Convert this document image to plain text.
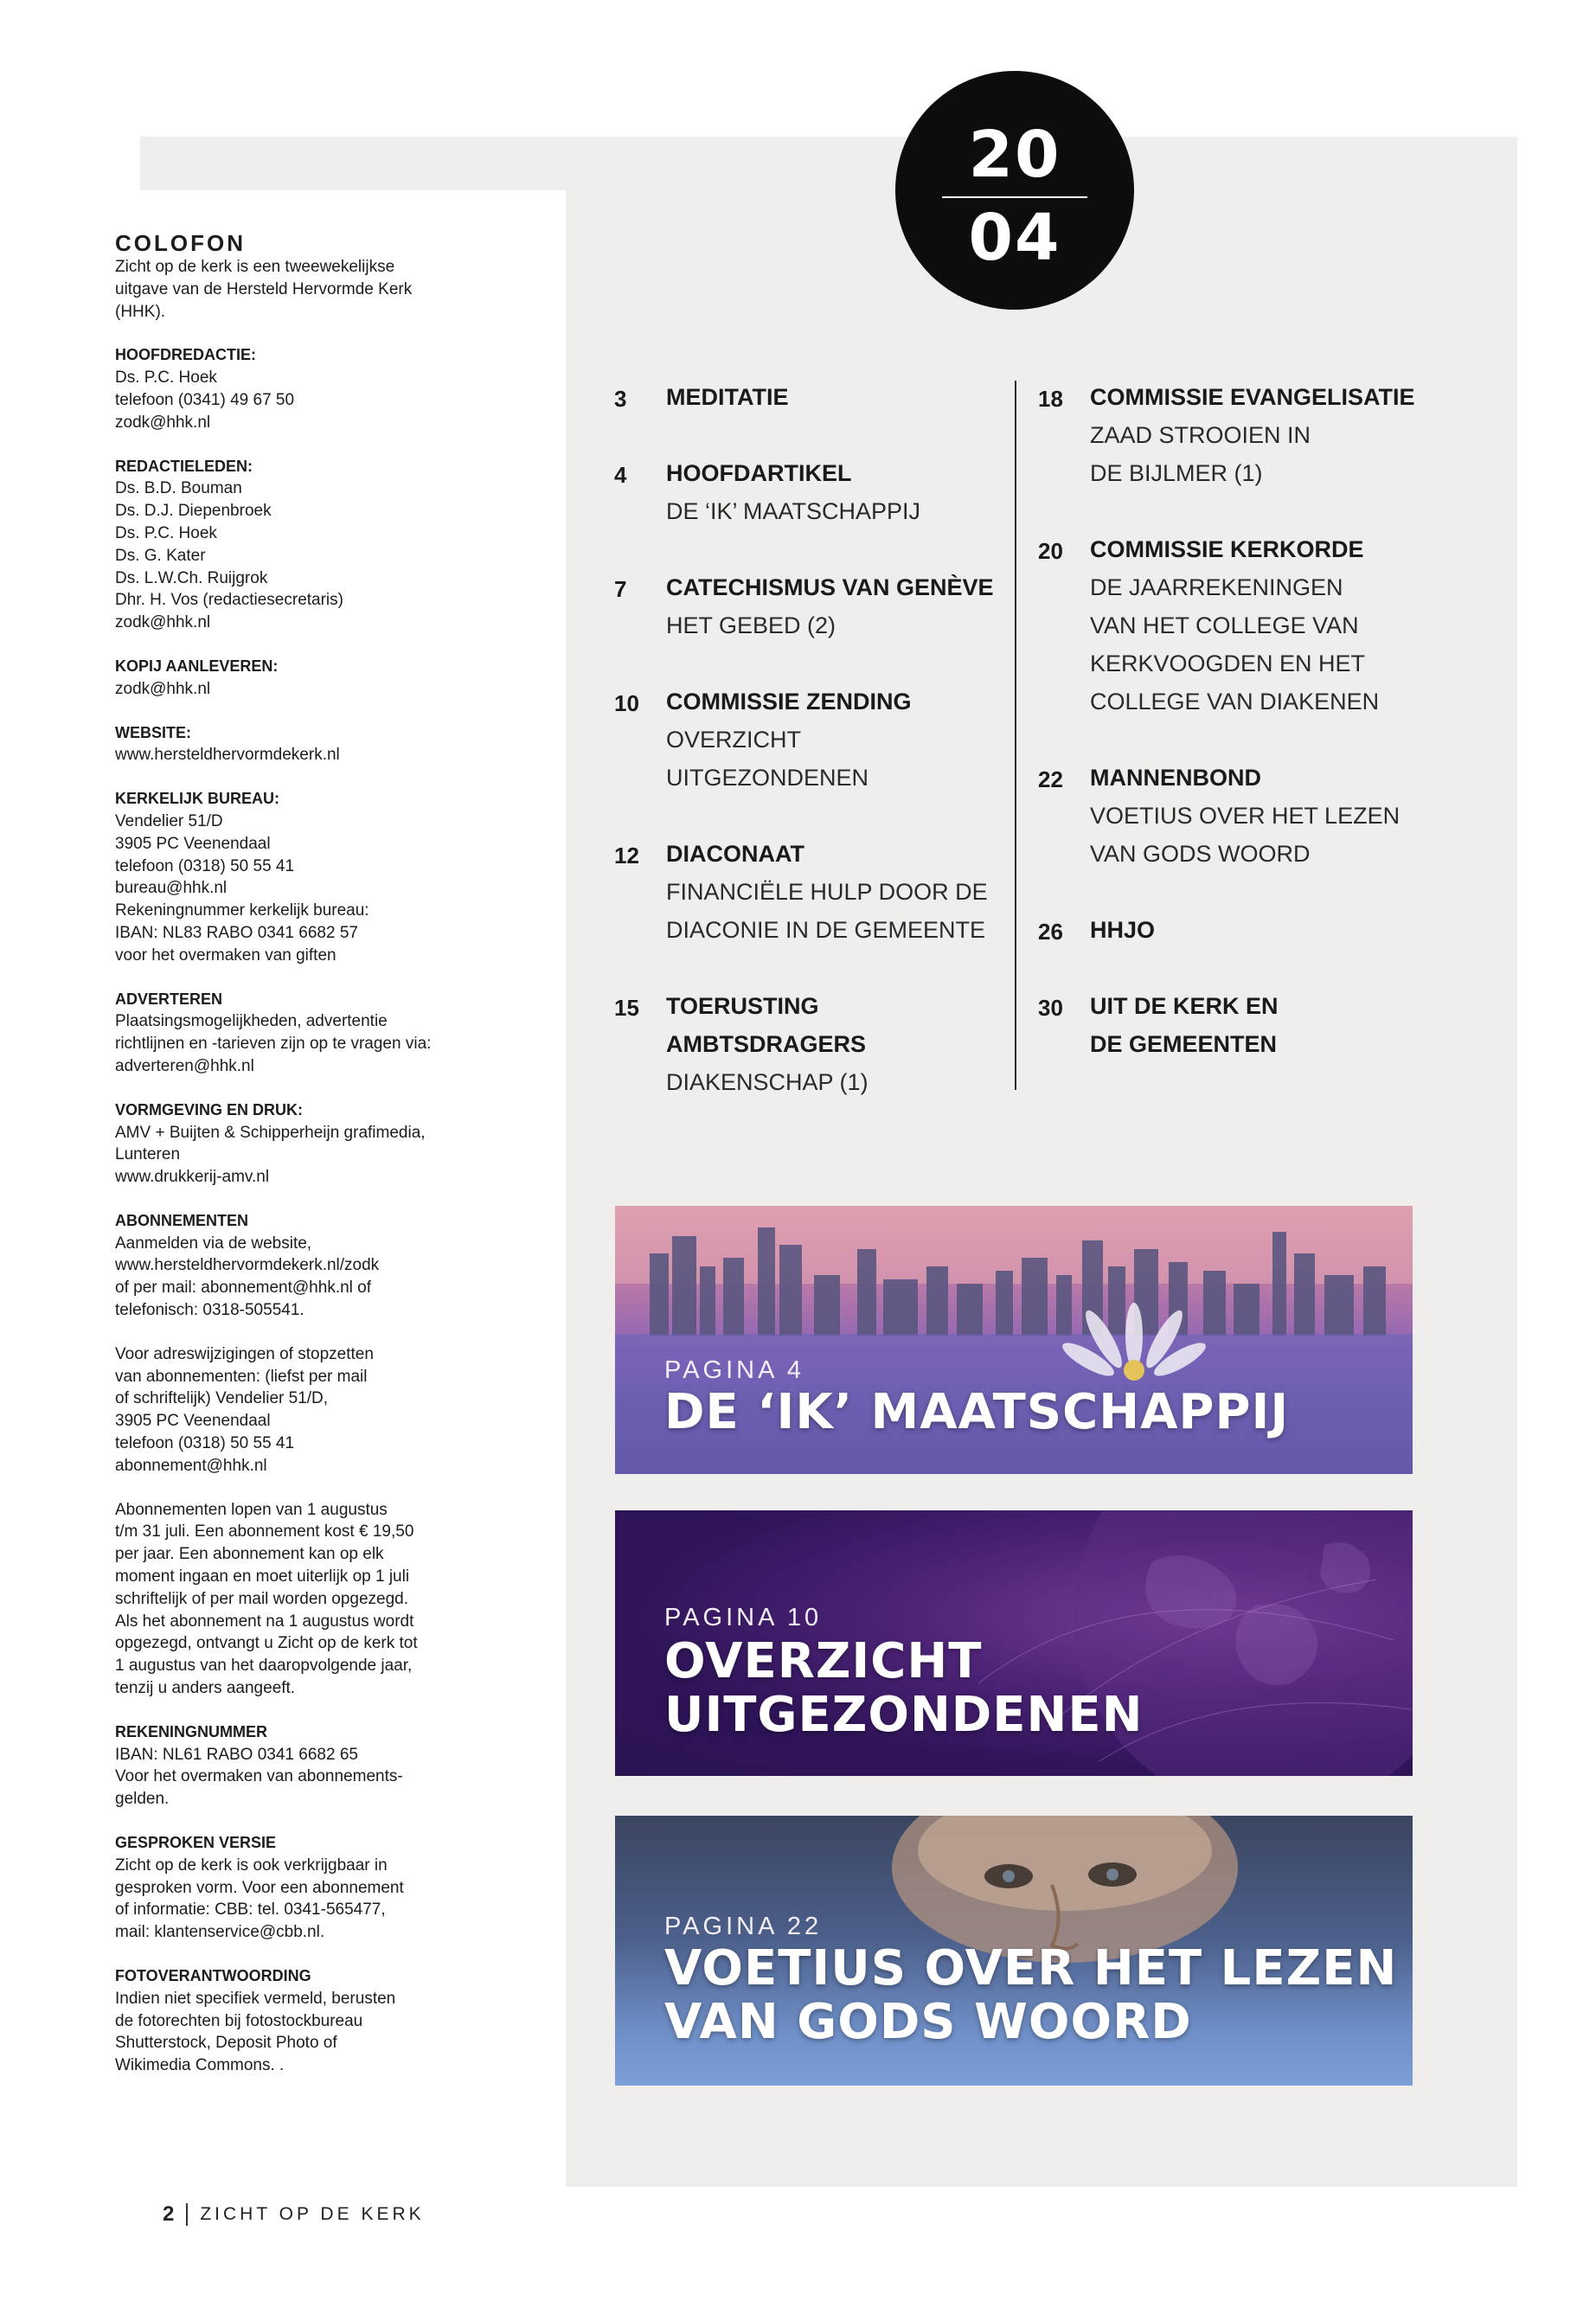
20
04
COLOFON
Zicht op de kerk is een tweewekelijkse
uitgave van de Hersteld Hervormde Kerk
(HHK).
HOOFDREDACTIE:
Ds. P.C. Hoek
telefoon (0341) 49 67 50
zodk@hhk.nl
REDACTIELEDEN:
Ds. B.D. Bouman
Ds. D.J. Diepenbroek
Ds. P.C. Hoek
Ds. G. Kater
Ds. L.W.Ch. Ruijgrok
Dhr. H. Vos (redactiesecretaris)
zodk@hhk.nl
KOPIJ AANLEVEREN:
zodk@hhk.nl
WEBSITE:
www.hersteldhervormdekerk.nl
KERKELIJK BUREAU:
Vendelier 51/D
3905 PC Veenendaal
telefoon (0318) 50 55 41
bureau@hhk.nl
Rekeningnummer kerkelijk bureau:
IBAN: NL83 RABO 0341 6682 57
voor het overmaken van giften
ADVERTEREN
Plaatsingsmogelijkheden, advertentie
richtlijnen en -tarieven zijn op te vragen via:
adverteren@hhk.nl
VORMGEVING EN DRUK:
AMV + Buijten & Schipperheijn grafimedia,
Lunteren
www.drukkerij-amv.nl
ABONNEMENTEN
Aanmelden via de website,
www.hersteldhervormdekerk.nl/zodk
of per mail: abonnement@hhk.nl of
telefonisch: 0318-505541.
Voor adreswijzigingen of stopzetten
van abonnementen: (liefst per mail
of schriftelijk) Vendelier 51/D,
3905 PC Veenendaal
telefoon (0318) 50 55 41
abonnement@hhk.nl
Abonnementen lopen van 1 augustus
t/m 31 juli. Een abonnement kost € 19,50
per jaar. Een abonnement kan op elk
moment ingaan en moet uiterlijk op 1 juli
schriftelijk of per mail worden opgezegd.
Als het abonnement na 1 augustus wordt
opgezegd, ontvangt u Zicht op de kerk tot
1 augustus van het daaropvolgende jaar,
tenzij u anders aangeeft.
REKENINGNUMMER
IBAN: NL61 RABO 0341 6682 65
Voor het overmaken van abonnements-
gelden.
GESPROKEN VERSIE
Zicht op de kerk is ook verkrijgbaar in
gesproken vorm. Voor een abonnement
of informatie: CBB: tel. 0341-565477,
mail: klantenservice@cbb.nl.
FOTOVERANTWOORDING
Indien niet specifiek vermeld, berusten
de fotorechten bij fotostockbureau
Shutterstock, Deposit Photo of
Wikimedia Commons. .
3 MEDITATIE
4 HOOFDARTIKEL
DE ‘IK’ MAATSCHAPPIJ
7 CATECHISMUS VAN GENÈVE
HET GEBED (2)
10 COMMISSIE ZENDING
OVERZICHT
UITGEZONDENEN
12 DIACONAAT
FINANCIËLE HULP DOOR DE
DIACONIE IN DE GEMEENTE
15 TOERUSTING
AMBTSDRAGERS
DIAKENSCHAP (1)
18 COMMISSIE EVANGELISATIE
ZAAD STROOIEN IN
DE BIJLMER (1)
20 COMMISSIE KERKORDE
DE JAARREKENINGEN
VAN HET COLLEGE VAN
KERKVOOGDEN EN HET
COLLEGE VAN DIAKENEN
22 MANNENBOND
VOETIUS OVER HET LEZEN
VAN GODS WOORD
26 HHJO
30 UIT DE KERK EN
DE GEMEENTEN
PAGINA 4
DE ‘IK’ MAATSCHAPPIJ
PAGINA 10
OVERZICHT
UITGEZONDENEN
PAGINA 22
VOETIUS OVER HET LEZEN
VAN GODS WOORD
2 ZICHT OP DE KERK
